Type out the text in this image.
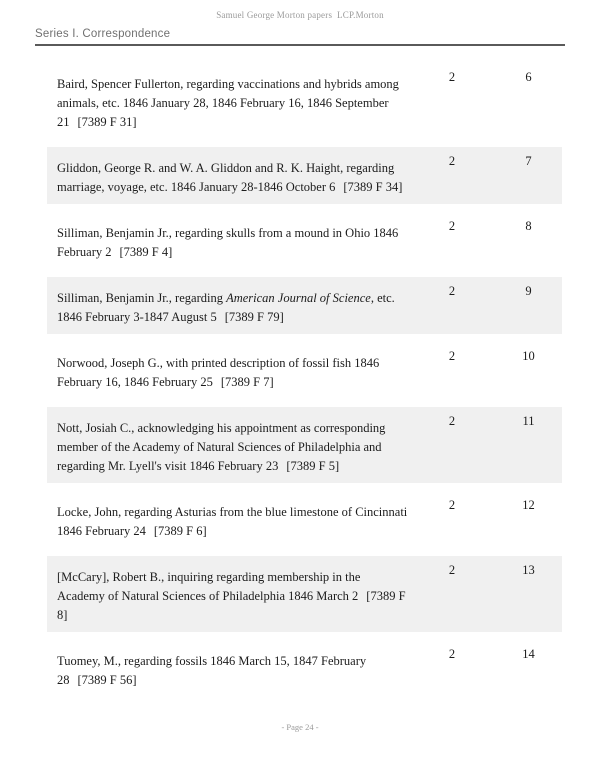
Samuel George Morton papers  LCP.Morton
Series I. Correspondence
Baird, Spencer Fullerton, regarding vaccinations and hybrids among animals, etc. 1846 January 28, 1846 February 16, 1846 September 21 [7389 F 31]
2	6
Gliddon, George R. and W. A. Gliddon and R. K. Haight, regarding marriage, voyage, etc. 1846 January 28-1846 October 6 [7389 F 34]
2	7
Silliman, Benjamin Jr., regarding skulls from a mound in Ohio 1846 February 2 [7389 F 4]
2	8
Silliman, Benjamin Jr., regarding American Journal of Science, etc. 1846 February 3-1847 August 5 [7389 F 79]
2	9
Norwood, Joseph G., with printed description of fossil fish 1846 February 16, 1846 February 25 [7389 F 7]
2	10
Nott, Josiah C., acknowledging his appointment as corresponding member of the Academy of Natural Sciences of Philadelphia and regarding Mr. Lyell's visit 1846 February 23 [7389 F 5]
2	11
Locke, John, regarding Asturias from the blue limestone of Cincinnati 1846 February 24 [7389 F 6]
2	12
[McCary], Robert B., inquiring regarding membership in the Academy of Natural Sciences of Philadelphia 1846 March 2 [7389 F 8]
2	13
Tuomey, M., regarding fossils 1846 March 15, 1847 February 28 [7389 F 56]
2	14
- Page 24 -
